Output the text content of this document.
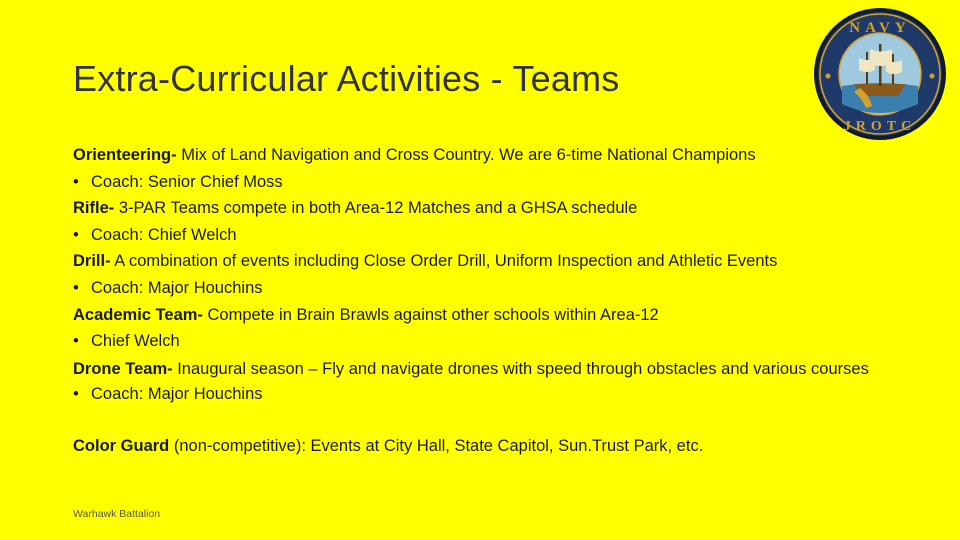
Extra-Curricular Activities - Teams
NAVY
JROTC
Orienteering- Mix of Land Navigation and Cross Country. We are 6-time National Champions
• Coach: Senior Chief Moss
Rifle- 3-PAR Teams compete in both Area-12 Matches and a GHSA schedule
• Coach: Chief Welch
Drill- A combination of events including Close Order Drill, Uniform Inspection and Athletic Events
• Coach: Major Houchins
Academic Team- Compete in Brain Brawls against other schools within Area-12
• Chief Welch
Drone Team- Inaugural season – Fly and navigate drones with speed through obstacles and various courses
• Coach: Major Houchins
Color Guard (non-competitive): Events at City Hall, State Capitol, Sun.Trust Park, etc.
Warhawk Battalion
